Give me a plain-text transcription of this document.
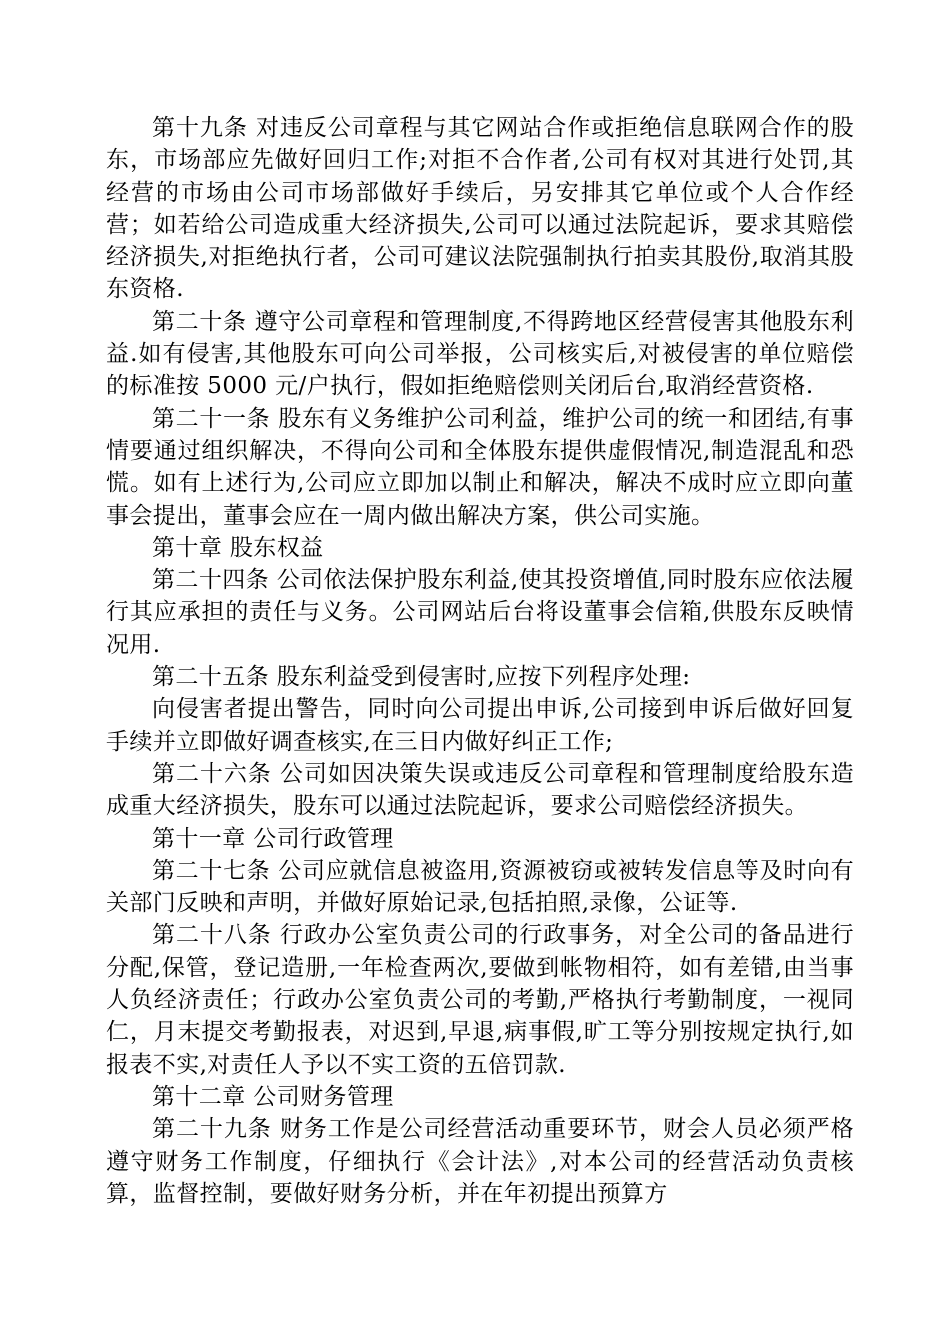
第十九条 对违反公司章程与其它网站合作或拒绝信息联网合作的股东，市场部应先做好回归工作;对拒不合作者,公司有权对其进行处罚,其经营的市场由公司市场部做好手续后，另安排其它单位或个人合作经营；如若给公司造成重大经济损失,公司可以通过法院起诉，要求其赔偿经济损失,对拒绝执行者，公司可建议法院强制执行拍卖其股份,取消其股东资格.

第二十条 遵守公司章程和管理制度,不得跨地区经营侵害其他股东利益.如有侵害,其他股东可向公司举报，公司核实后,对被侵害的单位赔偿的标准按 5000 元/户执行，假如拒绝赔偿则关闭后台,取消经营资格.

第二十一条 股东有义务维护公司利益，维护公司的统一和团结,有事情要通过组织解决，不得向公司和全体股东提供虚假情况,制造混乱和恐慌。如有上述行为,公司应立即加以制止和解决，解决不成时应立即向董事会提出，董事会应在一周内做出解决方案，供公司实施。

第十章 股东权益

第二十四条 公司依法保护股东利益,使其投资增值,同时股东应依法履行其应承担的责任与义务。公司网站后台将设董事会信箱,供股东反映情况用.

第二十五条 股东利益受到侵害时,应按下列程序处理:

向侵害者提出警告，同时向公司提出申诉,公司接到申诉后做好回复手续并立即做好调查核实,在三日内做好纠正工作;

第二十六条 公司如因决策失误或违反公司章程和管理制度给股东造成重大经济损失，股东可以通过法院起诉，要求公司赔偿经济损失。

第十一章 公司行政管理

第二十七条 公司应就信息被盗用,资源被窃或被转发信息等及时向有关部门反映和声明，并做好原始记录,包括拍照,录像，公证等.

第二十八条 行政办公室负责公司的行政事务，对全公司的备品进行分配,保管，登记造册,一年检查两次,要做到帐物相符，如有差错,由当事人负经济责任；行政办公室负责公司的考勤,严格执行考勤制度，一视同仁，月末提交考勤报表，对迟到,早退,病事假,旷工等分别按规定执行,如报表不实,对责任人予以不实工资的五倍罚款.

第十二章 公司财务管理

第二十九条 财务工作是公司经营活动重要环节，财会人员必须严格遵守财务工作制度，仔细执行《会计法》,对本公司的经营活动负责核算，监督控制，要做好财务分析，并在年初提出预算方
